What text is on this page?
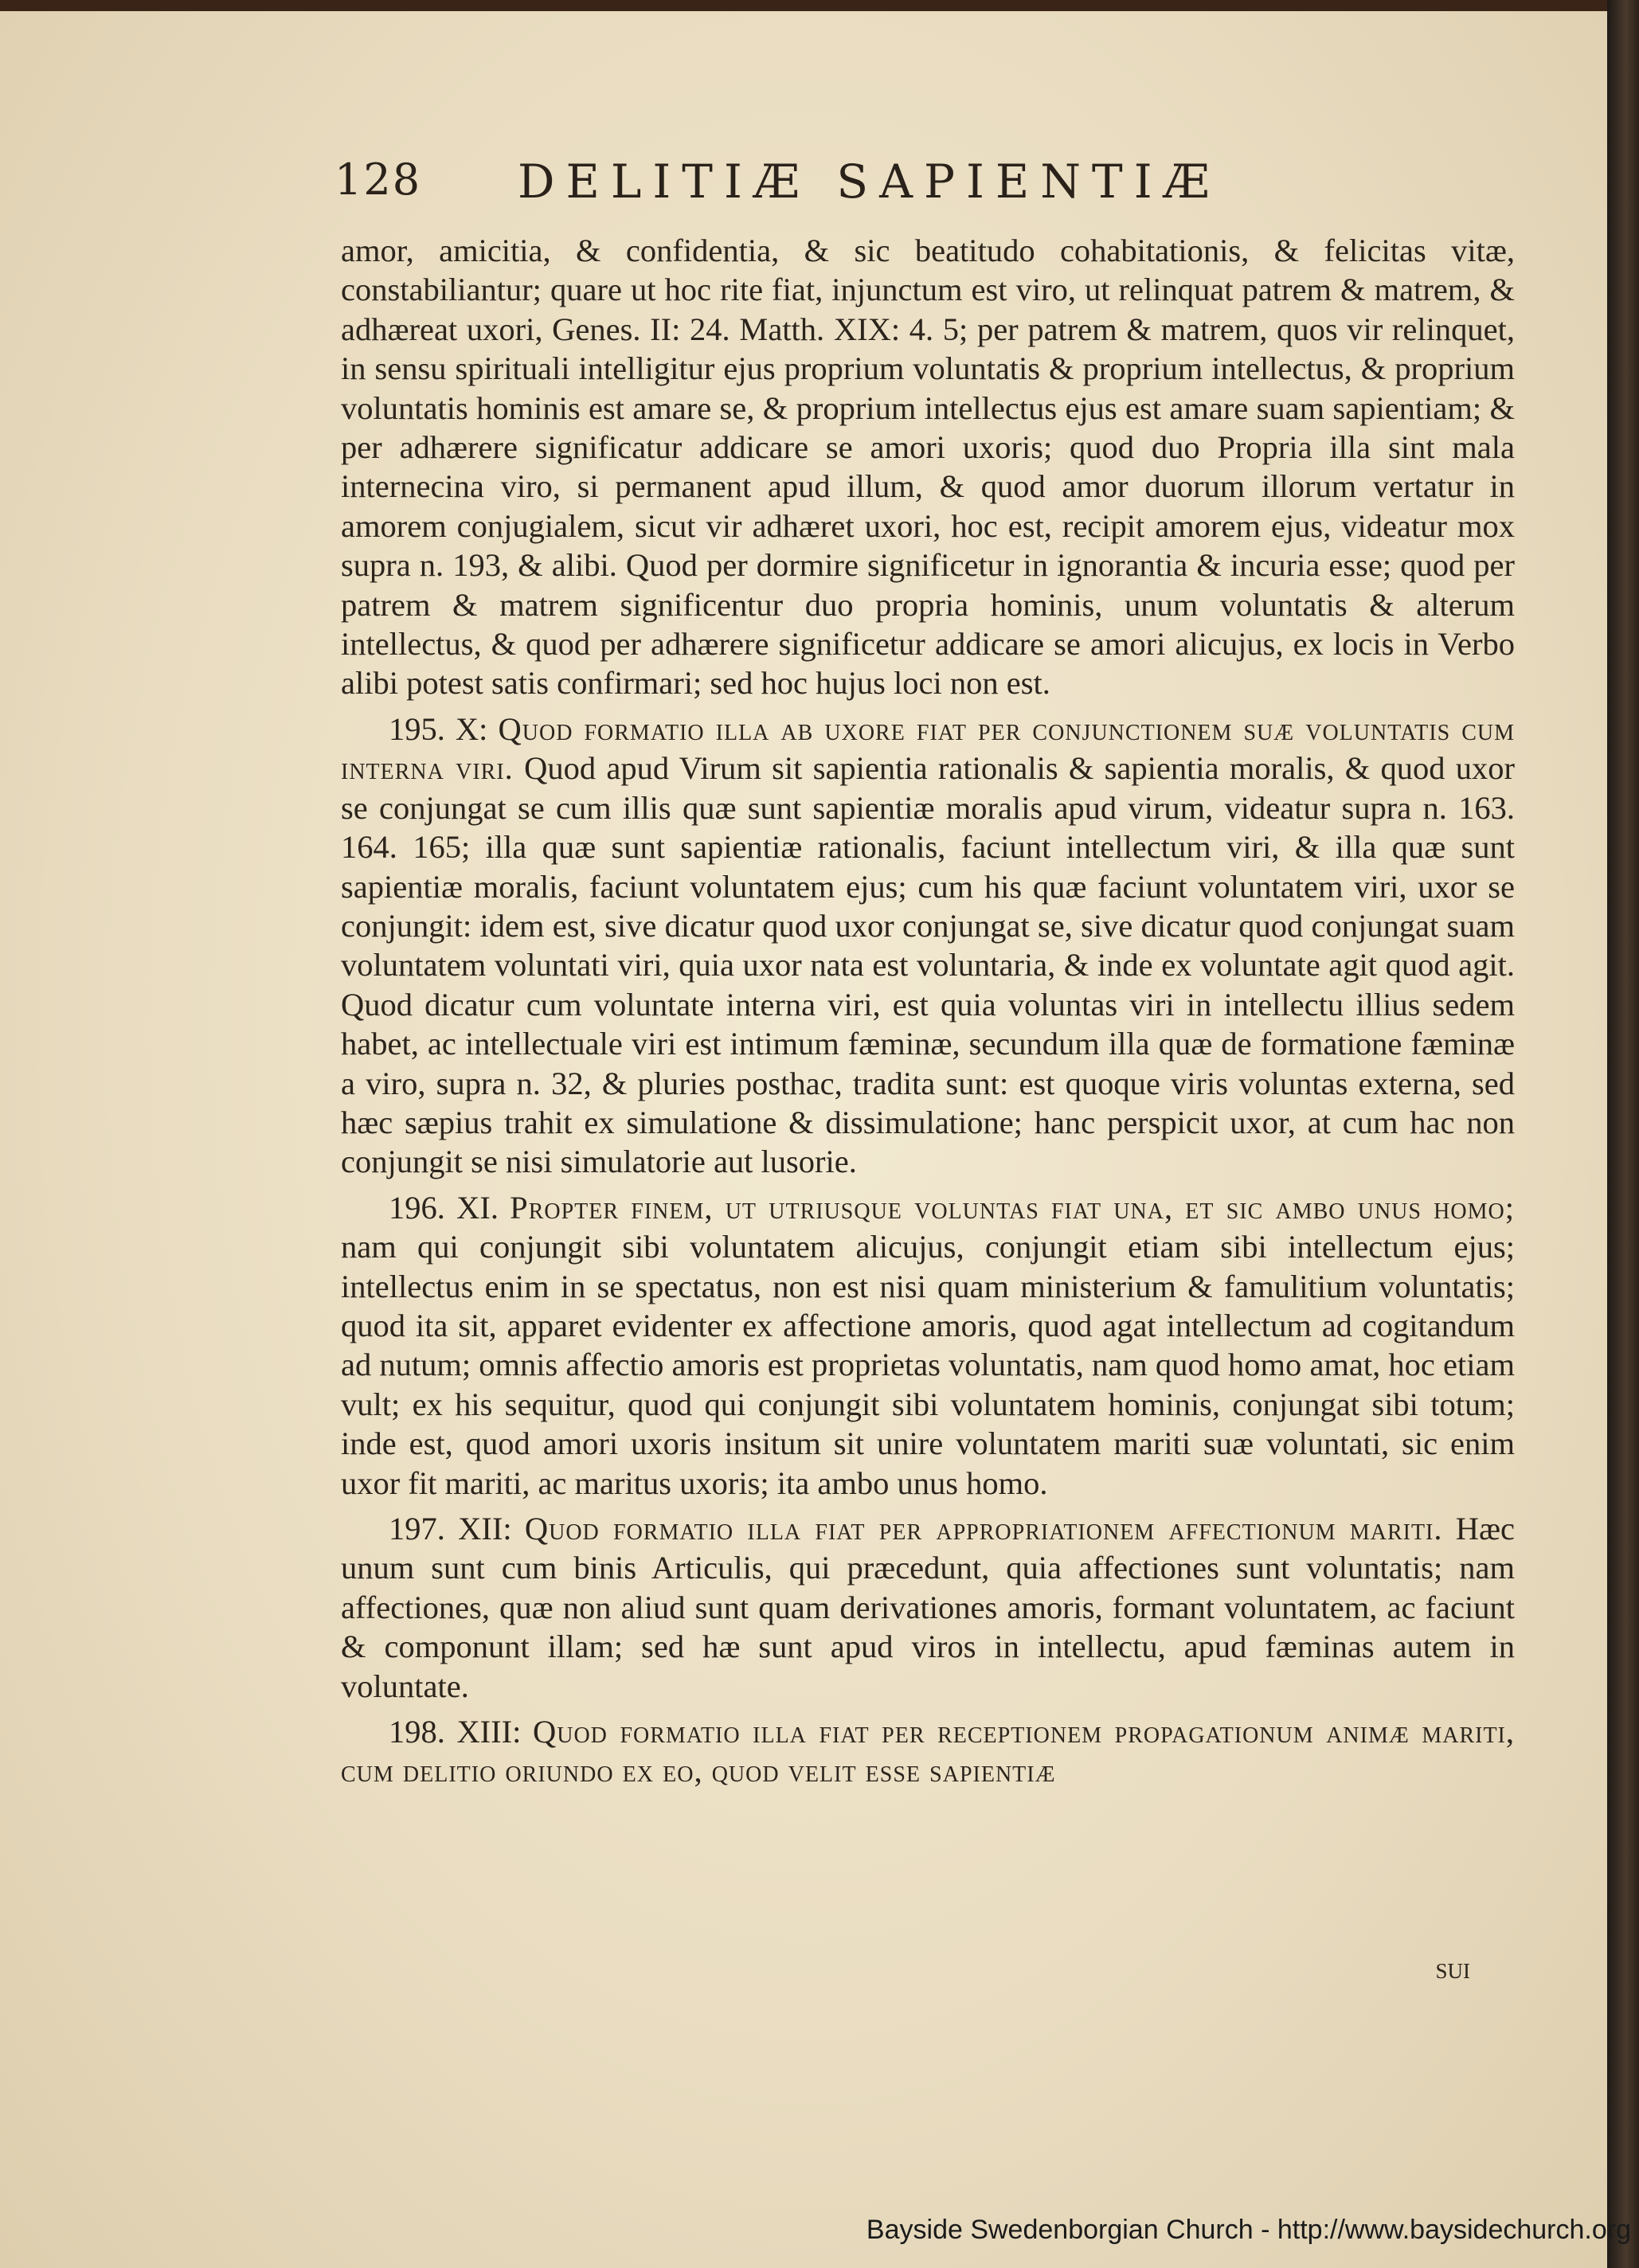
128 DELITIÆ SAPIENTIÆ

amor, amicitia, & confidentia, & sic beatitudo cohabitationis, & felicitas vitæ, constabiliantur; quare ut hoc rite fiat, injunctum est viro, ut relinquat patrem & matrem, & adhæreat uxori, Genes. II: 24. Matth. XIX: 4. 5; per patrem & matrem, quos vir relinquet, in sensu spirituali intelligitur ejus proprium voluntatis & proprium intellectus, & proprium voluntatis hominis est amare se, & proprium intellectus ejus est amare suam sapientiam; & per adhærere significatur addicare se amori uxoris; quod duo Propria illa sint mala internecina viro, si permanent apud illum, & quod amor duorum illorum vertatur in amorem conjugialem, sicut vir adhæret uxori, hoc est, recipit amorem ejus, videatur mox supra n. 193, & alibi. Quod per dormire significetur in ignorantia & incuria esse; quod per patrem & matrem significentur duo propria hominis, unum voluntatis & alterum intellectus, & quod per adhærere significetur addicare se amori alicujus, ex locis in Verbo alibi potest satis confirmari; sed hoc hujus loci non est.

195. X: Quod formatio illa ab uxore fiat per conjunctionem suæ voluntatis cum interna viri. Quod apud Virum sit sapientia rationalis & sapientia moralis, & quod uxor se conjungat se cum illis quæ sunt sapientiæ moralis apud virum, videatur supra n. 163. 164. 165; illa quæ sunt sapientiæ rationalis, faciunt intellectum viri, & illa quæ sunt sapientiæ moralis, faciunt voluntatem ejus; cum his quæ faciunt voluntatem viri, uxor se conjungit: idem est, sive dicatur quod uxor conjungat se, sive dicatur quod conjungat suam voluntatem voluntati viri, quia uxor nata est voluntaria, & inde ex voluntate agit quod agit. Quod dicatur cum voluntate interna viri, est quia voluntas viri in intellectu illius sedem habet, ac intellectuale viri est intimum fæminæ, secundum illa quæ de formatione fæminæ a viro, supra n. 32, & pluries posthac, tradita sunt: est quoque viris voluntas externa, sed hæc sæpius trahit ex simulatione & dissimulatione; hanc perspicit uxor, at cum hac non conjungit se nisi simulatorie aut lusorie.

196. XI. Propter finem, ut utriusque voluntas fiat una, et sic ambo unus homo; nam qui conjungit sibi voluntatem alicujus, conjungit etiam sibi intellectum ejus; intellectus enim in se spectatus, non est nisi quam ministerium & famulitium voluntatis; quod ita sit, apparet evidenter ex affectione amoris, quod agat intellectum ad cogitandum ad nutum; omnis affectio amoris est proprietas voluntatis, nam quod homo amat, hoc etiam vult; ex his sequitur, quod qui conjungit sibi voluntatem hominis, conjungat sibi totum; inde est, quod amori uxoris insitum sit unire voluntatem mariti suæ voluntati, sic enim uxor fit mariti, ac maritus uxoris; ita ambo unus homo.

197. XII: Quod formatio illa fiat per appropriationem affectionum mariti. Hæc unum sunt cum binis Articulis, qui præcedunt, quia affectiones sunt voluntatis; nam affectiones, quæ non aliud sunt quam derivationes amoris, formant voluntatem, ac faciunt & componunt illam; sed hæ sunt apud viros in intellectu, apud fæminas autem in voluntate.

198. XIII: Quod formatio illa fiat per receptionem propagationum animæ mariti, cum delitio oriundo ex eo, quod velit esse sapientiæ

sui
Bayside Swedenborgian Church - http://www.baysidechurch.org
